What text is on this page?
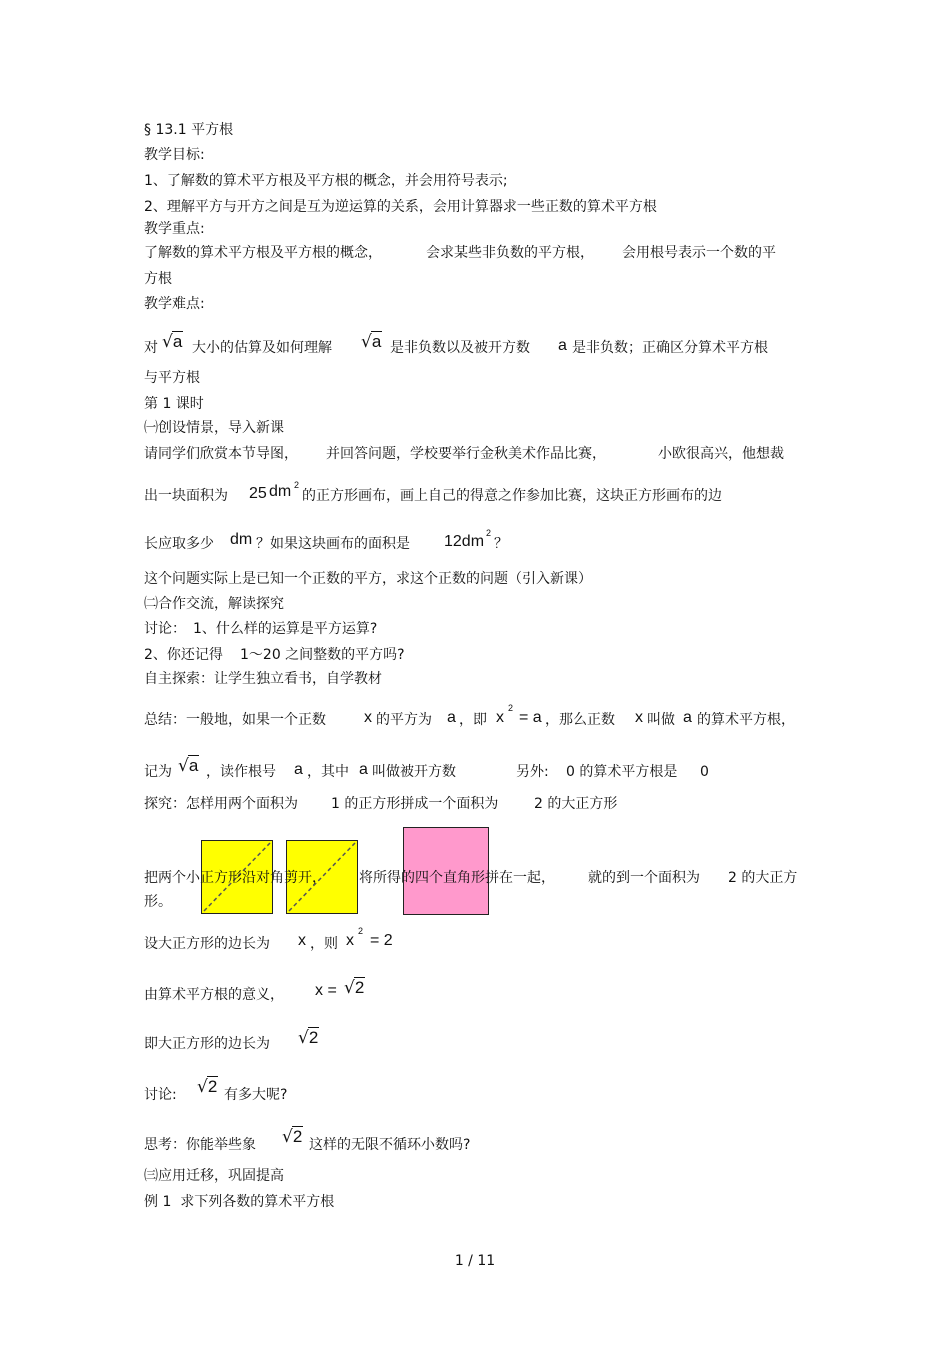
§ 13.1 平方根
教学目标:
1、了解数的算术平方根及平方根的概念，并会用符号表示;
2、理解平方与开方之间是互为逆运算的关系，会用计算器求一些正数的算术平方根
教学重点:
了解数的算术平方根及平方根的概念，	会求某些非负数的平方根， 会用根号表示一个数的平
方根
教学难点:
对 √a 大小的估算及如何理解 √a 是非负数以及被开方数 a 是非负数；正确区分算术平方根
与平方根
第 1 课时
㈠创设情景，导入新课
请同学们欣赏本节导图， 并回答问题，学校要举行金秋美术作品比赛，	小欧很高兴，他想裁
出一块面积为 25 dm 2
的正方形画布，画上自己的得意之作参加比赛，这块正方形画布的边
长应取多少 dm ？如果这块画布的面积是 12dm 2
？
这个问题实际上是已知一个正数的平方，求这个正数的问题（引入新课）
㈡合作交流，解读探究
讨论： 1、什么样的运算是平方运算?
2、你还记得 1～20 之间整数的平方吗?
自主探索：让学生独立看书，自学教材
总结：一般地，如果一个正数 x 的平方为 a ，即 x
2
= a ，那么正数 x 叫做 a 的算术平方根，
记为 √a ，读作根号 a ，其中 a 叫做被开方数	另外: 0 的算术平方根是 0
探究：怎样用两个面积为 1 的正方形拼成一个面积为	2 的大正方形
把两个小正方形沿对角剪开， 将所得的四个直角形拼在一起， 就的到一个面积为 2 的大正方
形。
设大正方形的边长为 x ，则 x
2
= 2
由算术平方根的意义， x = √2
即大正方形的边长为 √2
讨论: √2 有多大呢?
思考：你能举些象 √2 这样的无限不循环小数吗?
㈢应用迁移，巩固提高
例 1  求下列各数的算术平方根
1 / 11
